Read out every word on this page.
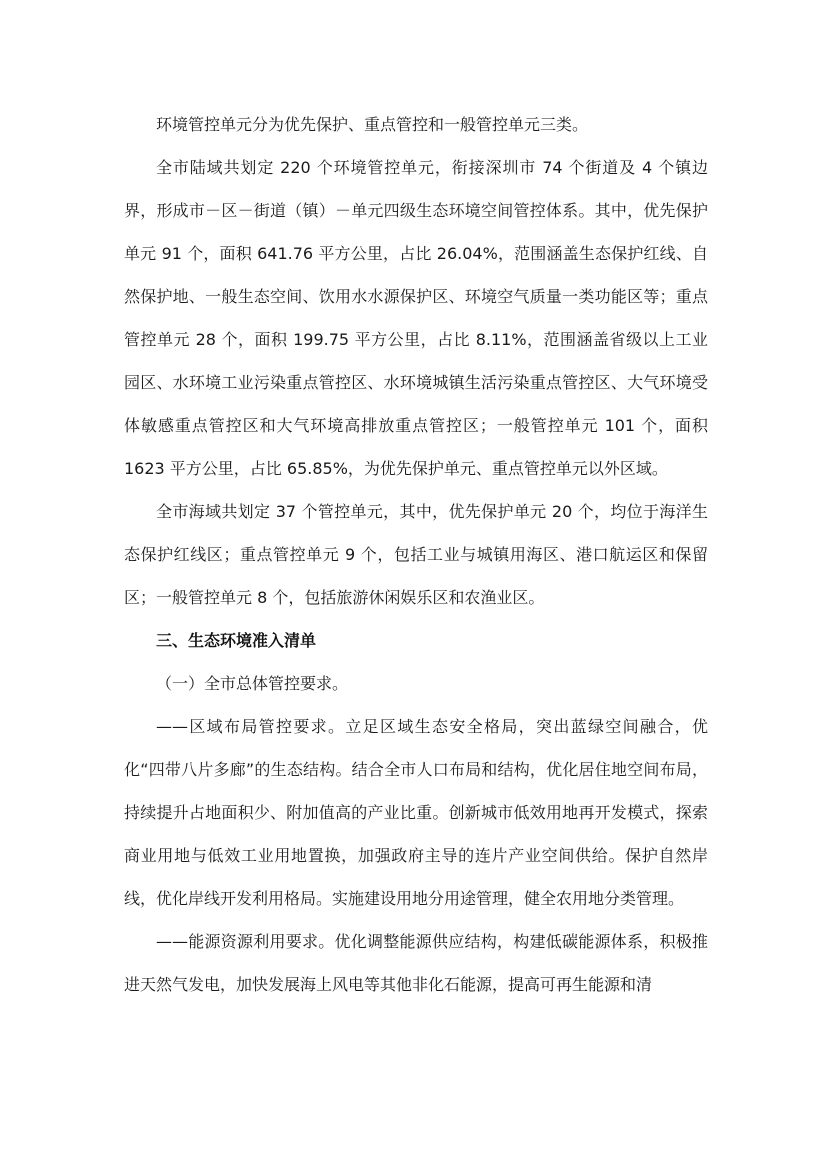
环境管控单元分为优先保护、重点管控和一般管控单元三类。

全市陆域共划定 220 个环境管控单元，衔接深圳市 74 个街道及 4 个镇边界，形成市－区－街道（镇）－单元四级生态环境空间管控体系。其中，优先保护单元 91 个，面积 641.76 平方公里，占比 26.04%，范围涵盖生态保护红线、自然保护地、一般生态空间、饮用水水源保护区、环境空气质量一类功能区等；重点管控单元 28 个，面积 199.75 平方公里，占比 8.11%，范围涵盖省级以上工业园区、水环境工业污染重点管控区、水环境城镇生活污染重点管控区、大气环境受体敏感重点管控区和大气环境高排放重点管控区；一般管控单元 101 个，面积 1623 平方公里，占比 65.85%，为优先保护单元、重点管控单元以外区域。

全市海域共划定 37 个管控单元，其中，优先保护单元 20 个，均位于海洋生态保护红线区；重点管控单元 9 个，包括工业与城镇用海区、港口航运区和保留区；一般管控单元 8 个，包括旅游休闲娱乐区和农渔业区。

三、生态环境准入清单

（一）全市总体管控要求。

——区域布局管控要求。立足区域生态安全格局，突出蓝绿空间融合，优化“四带八片多廊”的生态结构。结合全市人口布局和结构，优化居住地空间布局，持续提升占地面积少、附加值高的产业比重。创新城市低效用地再开发模式，探索商业用地与低效工业用地置换，加强政府主导的连片产业空间供给。保护自然岸线，优化岸线开发利用格局。实施建设用地分用途管理，健全农用地分类管理。

——能源资源利用要求。优化调整能源供应结构，构建低碳能源体系，积极推进天然气发电，加快发展海上风电等其他非化石能源，提高可再生能源和清
